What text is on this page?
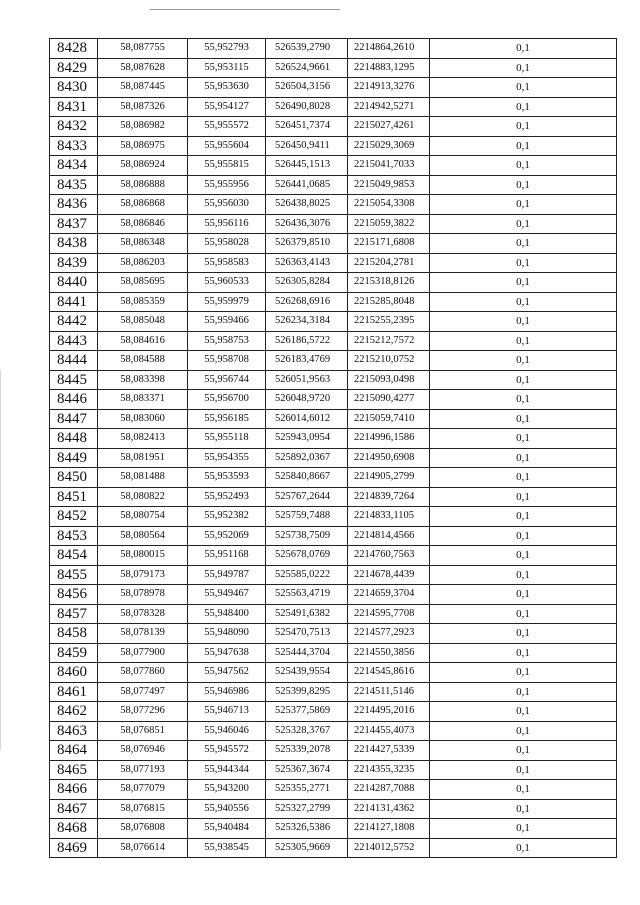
8428	58,087755	55,952793	526539,2790	2214864,2610	0,1
8429	58,087628	55,953115	526524,9661	2214883,1295	0,1
8430	58,087445	55,953630	526504,3156	2214913,3276	0,1
8431	58,087326	55,954127	526490,8028	2214942,5271	0,1
8432	58,086982	55,955572	526451,7374	2215027,4261	0,1
8433	58,086975	55,955604	526450,9411	2215029,3069	0,1
8434	58,086924	55,955815	526445,1513	2215041,7033	0,1
8435	58,086888	55,955956	526441,0685	2215049,9853	0,1
8436	58,086868	55,956030	526438,8025	2215054,3308	0,1
8437	58,086846	55,956116	526436,3076	2215059,3822	0,1
8438	58,086348	55,958028	526379,8510	2215171,6808	0,1
8439	58,086203	55,958583	526363,4143	2215204,2781	0,1
8440	58,085695	55,960533	526305,8284	2215318,8126	0,1
8441	58,085359	55,959979	526268,6916	2215285,8048	0,1
8442	58,085048	55,959466	526234,3184	2215255,2395	0,1
8443	58,084616	55,958753	526186,5722	2215212,7572	0,1
8444	58,084588	55,958708	526183,4769	2215210,0752	0,1
8445	58,083398	55,956744	526051,9563	2215093,0498	0,1
8446	58,083371	55,956700	526048,9720	2215090,4277	0,1
8447	58,083060	55,956185	526014,6012	2215059,7410	0,1
8448	58,082413	55,955118	525943,0954	2214996,1586	0,1
8449	58,081951	55,954355	525892,0367	2214950,6908	0,1
8450	58,081488	55,953593	525840,8667	2214905,2799	0,1
8451	58,080822	55,952493	525767,2644	2214839,7264	0,1
8452	58,080754	55,952382	525759,7488	2214833,1105	0,1
8453	58,080564	55,952069	525738,7509	2214814,4566	0,1
8454	58,080015	55,951168	525678,0769	2214760,7563	0,1
8455	58,079173	55,949787	525585,0222	2214678,4439	0,1
8456	58,078978	55,949467	525563,4719	2214659,3704	0,1
8457	58,078328	55,948400	525491,6382	2214595,7708	0,1
8458	58,078139	55,948090	525470,7513	2214577,2923	0,1
8459	58,077900	55,947638	525444,3704	2214550,3856	0,1
8460	58,077860	55,947562	525439,9554	2214545,8616	0,1
8461	58,077497	55,946986	525399,8295	2214511,5146	0,1
8462	58,077296	55,946713	525377,5869	2214495,2016	0,1
8463	58,076851	55,946046	525328,3767	2214455,4073	0,1
8464	58,076946	55,945572	525339,2078	2214427,5339	0,1
8465	58,077193	55,944344	525367,3674	2214355,3235	0,1
8466	58,077079	55,943200	525355,2771	2214287,7088	0,1
8467	58,076815	55,940556	525327,2799	2214131,4362	0,1
8468	58,076808	55,940484	525326,5386	2214127,1808	0,1
8469	58,076614	55,938545	525305,9669	2214012,5752	0,1
